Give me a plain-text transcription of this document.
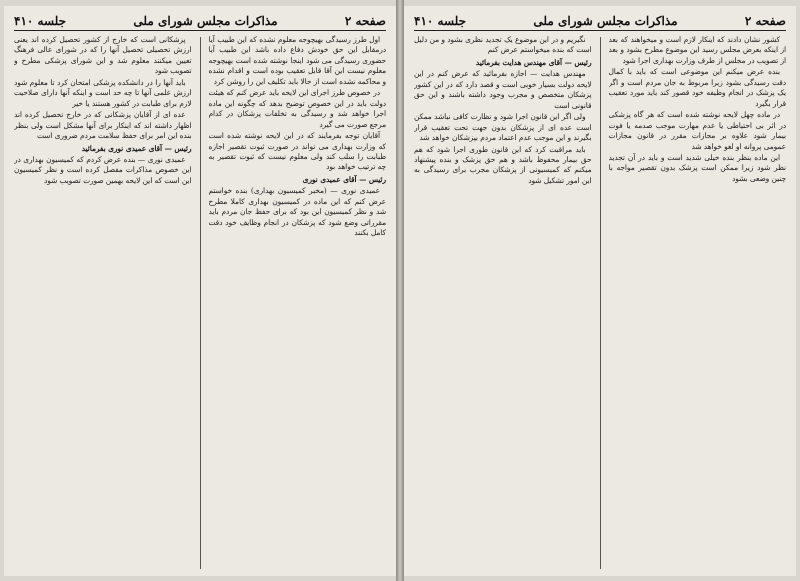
صفحه ۲
مذاکرات مجلس شورای ملی
جلسه ۴۱۰

اول طرز رسیدگی بهیچوجه معلوم نشده که این طبیب آیا درمقابل این حق خودش دفاع داده باشد این طبیب آیا حضوری رسیدگی می شود اینجا نوشته شده است بهیچوجه معلوم نیست این آقا قابل تعقیب بوده است و اقدام نشده و محاکمه نشده است از حالا باید تکلیف این را روشن کرد

در خصوص طرز اجرای این لایحه باید عرض کنم که هیئت دولت باید در این خصوص توضیح بدهد که چگونه این ماده اجرا خواهد شد و رسیدگی به تخلفات پزشکان در کدام مرجع صورت می گیرد

آقایان توجه بفرمایند که در این لایحه نوشته شده است که وزارت بهداری می تواند در صورت ثبوت تقصیر اجازه طبابت را سلب کند ولی معلوم نیست که ثبوت تقصیر به چه ترتیب خواهد بود

رئیس — آقای عمیدی نوری

عمیدی نوری — (مخبر کمیسیون بهداری) بنده خواستم عرض کنم که این ماده در کمیسیون بهداری کاملا مطرح شد و نظر کمیسیون این بود که برای حفظ جان مردم باید مقرراتی وضع شود که پزشکان در انجام وظایف خود دقت کامل بکنند

پزشکانی است که خارج از کشور تحصیل کرده اند یعنی ارزش تحصیلی تحصیل آنها را که در شورای عالی فرهنگ تعیین میکنند معلوم شد و این شورای پزشکی مطرح و تصویب شود

باید آنها را در دانشکده پزشکی امتحان کرد تا معلوم شود ارزش علمی آنها تا چه حد است و اینکه آنها دارای صلاحیت لازم برای طبابت در کشور هستند یا خیر

عده ای از آقایان پزشکانی که در خارج تحصیل کرده اند اظهار داشته اند که اینکار برای آنها مشکل است ولی بنظر بنده این امر برای حفظ سلامت مردم ضروری است

رئیس — آقای عمیدی نوری بفرمائید

عمیدی نوری — بنده عرض کردم که کمیسیون بهداری در این خصوص مذاکرات مفصل کرده است و نظر کمیسیون این است که این لایحه بهمین صورت تصویب شود

صفحه ۲
مذاکرات مجلس شورای ملی
جلسه ۴۱۰

کشور نشان دادند که اینکار لازم است و میخواهند که بعد از اینکه بعرض مجلس رسید این موضوع مطرح بشود و بعد از تصویب در مجلس از طرف وزارت بهداری اجرا شود

بنده عرض میکنم این موضوعی است که باید با کمال دقت رسیدگی بشود زیرا مربوط به جان مردم است و اگر یک پزشک در انجام وظیفه خود قصور کند باید مورد تعقیب قرار بگیرد

در ماده چهل لایحه نوشته شده است که هر گاه پزشکی در اثر بی احتیاطی یا عدم مهارت موجب صدمه یا فوت بیمار شود علاوه بر مجازات مقرر در قانون مجازات عمومی پروانه او لغو خواهد شد

این ماده بنظر بنده خیلی شدید است و باید در آن تجدید نظر شود زیرا ممکن است پزشک بدون تقصیر مواجه با چنین وضعی بشود

نگیریم و در این موضوع یک تجدید نظری بشود و من دلیل است که بنده میخواستم عرض کنم

رئیس — آقای مهندس هدایت بفرمائید

مهندس هدایت — اجازه بفرمائید که عرض کنم در این لایحه دولت بسیار خوبی است و قصد دارد که در این کشور پزشکان متخصص و مجرب وجود داشته باشند و این حق قانونی است

ولی اگر این قانون اجرا شود و نظارت کافی نباشد ممکن است عده ای از پزشکان بدون جهت تحت تعقیب قرار بگیرند و این موجب عدم اعتماد مردم بپزشکان خواهد شد

باید مراقبت کرد که این قانون طوری اجرا شود که هم حق بیمار محفوظ باشد و هم حق پزشک و بنده پیشنهاد میکنم که کمیسیونی از پزشکان مجرب برای رسیدگی به این امور تشکیل شود
